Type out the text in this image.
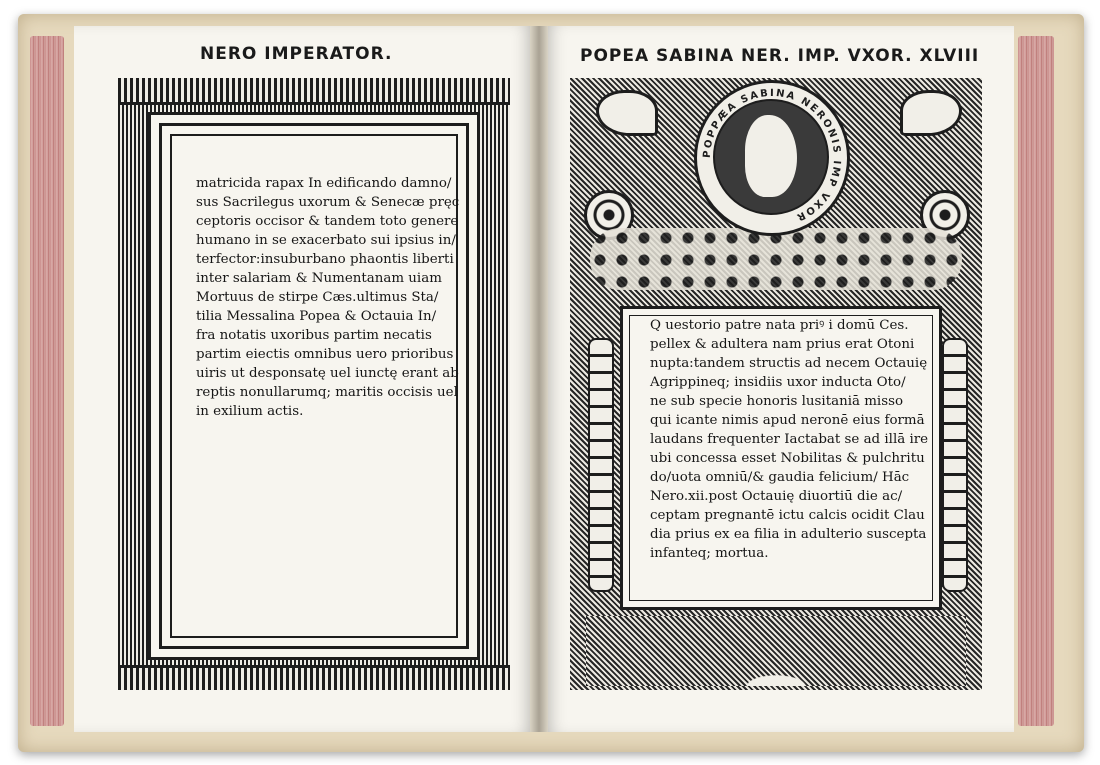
NERO IMPERATOR.	POPEA SABINA NER. IMP. VXOR. XLVIII
matricida rapax In edificando damno/
sus Sacrilegus uxorum & Senecæ pręc
ceptoris occisor & tandem toto genere
humano in se exacerbato sui ipsius in/
terfector:insuburbano phaontis liberti
inter salariam & Numentanam uiam
Mortuus de stirpe Cæs.ultimus Sta/
tilia Messalina Popea & Octauia In/
fra notatis uxoribus partim necatis
partim eiectis omnibus uero prioribus
uiris ut desponsatę uel iunctę erant ab
reptis nonullarumq; maritis occisis uel
in exilium actis.
POPPÆA SABINA NERONIS IMP VXOR
Q uestorio patre nata priꝰ i domū Ces.
pellex & adultera nam prius erat Otoni
nupta:tandem structis ad necem Octauię
Agrippineq; insidiis uxor inducta Oto/
ne sub specie honoris lusitaniā misso
qui icante nimis apud neronē eius formā
laudans frequenter Iactabat se ad illā ire
ubi concessa esset Nobilitas & pulchritu
do/uota omniū/& gaudia felicium/ Hāc
Nero.xii.post Octauię diuortiū die ac/
ceptam pregnantē ictu calcis ocidit Clau
dia prius ex ea filia in adulterio suscepta
infanteq; mortua.
